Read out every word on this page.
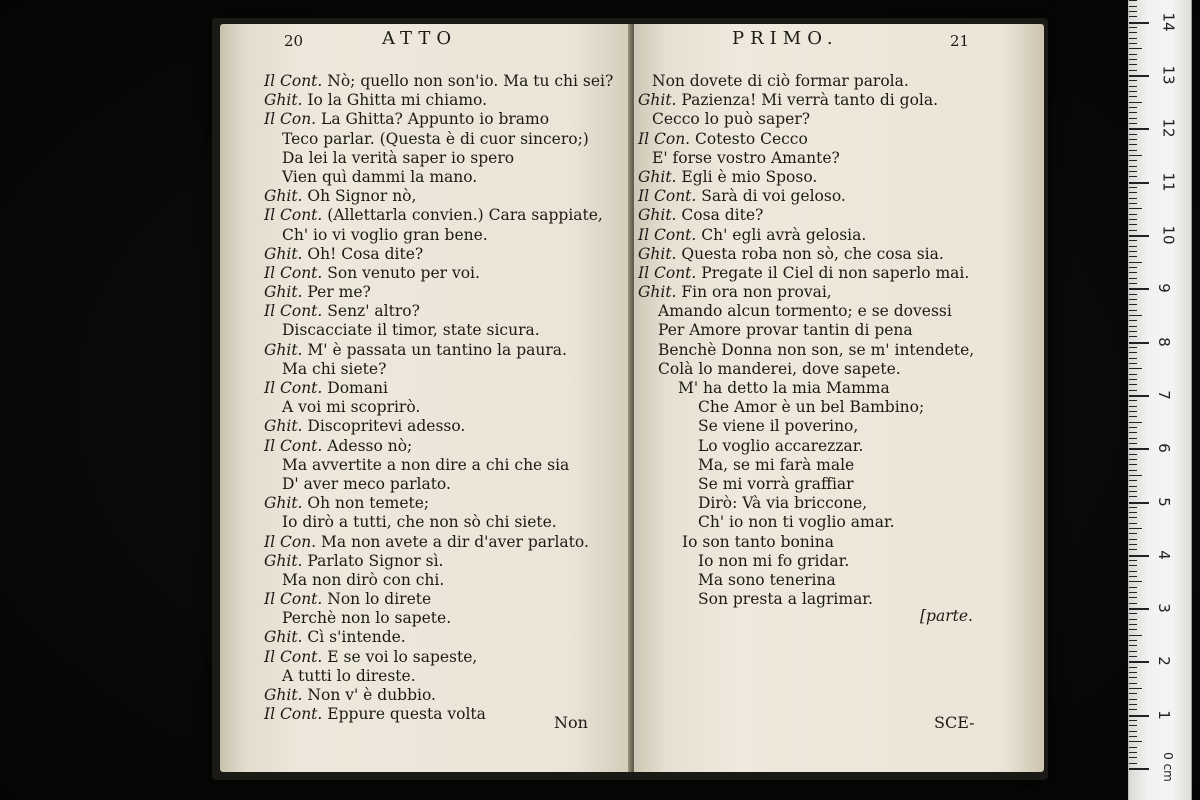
20	ATTO
Il Cont. Nò; quello non son'io. Ma tu chi sei?
Ghit. Io la Ghitta mi chiamo.
Il Con. La Ghitta? Appunto io bramo
Teco parlar. (Questa è di cuor sincero;)
Da lei la verità saper io spero
Vien quì dammi la mano.
Ghit. Oh Signor nò,
Il Cont. (Allettarla convien.) Cara sappiate,
Ch' io vi voglio gran bene.
Ghit. Oh! Cosa dite?
Il Cont. Son venuto per voi.
Ghit. Per me?
Il Cont. Senz' altro?
Discacciate il timor, state sicura.
Ghit. M' è passata un tantino la paura.
Ma chi siete?
Il Cont. Domani
A voi mi scoprirò.
Ghit. Discopritevi adesso.
Il Cont. Adesso nò;
Ma avvertite a non dire a chi che sia
D' aver meco parlato.
Ghit. Oh non temete;
Io dirò a tutti, che non sò chi siete.
Il Con. Ma non avete a dir d'aver parlato.
Ghit. Parlato Signor sì.
Ma non dirò con chi.
Il Cont. Non lo direte
Perchè non lo sapete.
Ghit. Cì s'intende.
Il Cont. E se voi lo sapeste,
A tutti lo direste.
Ghit. Non v' è dubbio.
Il Cont. Eppure questa volta	Non
PRIMO.	21
Non dovete di ciò formar parola.
Ghit. Pazienza! Mi verrà tanto di gola.
Cecco lo può saper?
Il Con. Cotesto Cecco
E' forse vostro Amante?
Ghit. Egli è mio Sposo.
Il Cont. Sarà di voi geloso.
Ghit. Cosa dite?
Il Cont. Ch' egli avrà gelosia.
Ghit. Questa roba non sò, che cosa sia.
Il Cont. Pregate il Ciel di non saperlo mai.
Ghit. Fin ora non provai,
Amando alcun tormento; e se dovessi
Per Amore provar tantin di pena
Benchè Donna non son, se m' intendete,
Colà lo manderei, dove sapete.
M' ha detto la mia Mamma
Che Amor è un bel Bambino;
Se viene il poverino,
Lo voglio accarezzar.
Ma, se mi farà male
Se mi vorrà graffiar
Dirò: Và via briccone,
Ch' io non ti voglio amar.
Io son tanto bonina
Io non mi fo gridar.
Ma sono tenerina
Son presta a lagrimar.
[parte.
SCE-
0 cm
1
2
3
4
5
6
7
8
9
10
11
12
13
14
